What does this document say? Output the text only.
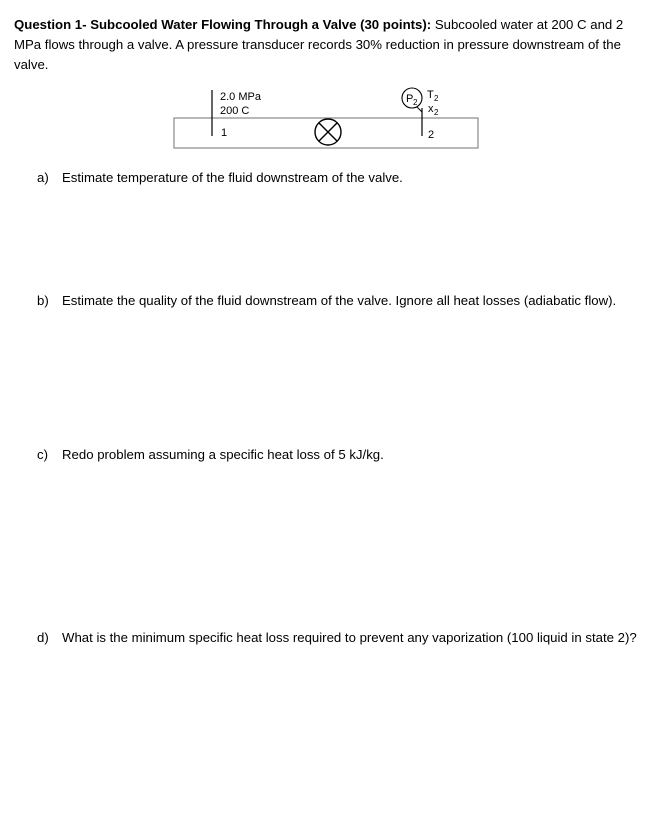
Question 1- Subcooled Water Flowing Through a Valve (30 points): Subcooled water at 200 C and 2 MPa flows through a valve. A pressure transducer records 30% reduction in pressure downstream of the valve.
2.0 MPa
200 C
1
P 2
T 2
x 2
2
a)	Estimate temperature of the fluid downstream of the valve.
b)	Estimate the quality of the fluid downstream of the valve. Ignore all heat losses (adiabatic flow).
c)	Redo problem assuming a specific heat loss of 5 kJ/kg.
d)	What is the minimum specific heat loss required to prevent any vaporization (100 liquid in state 2)?
